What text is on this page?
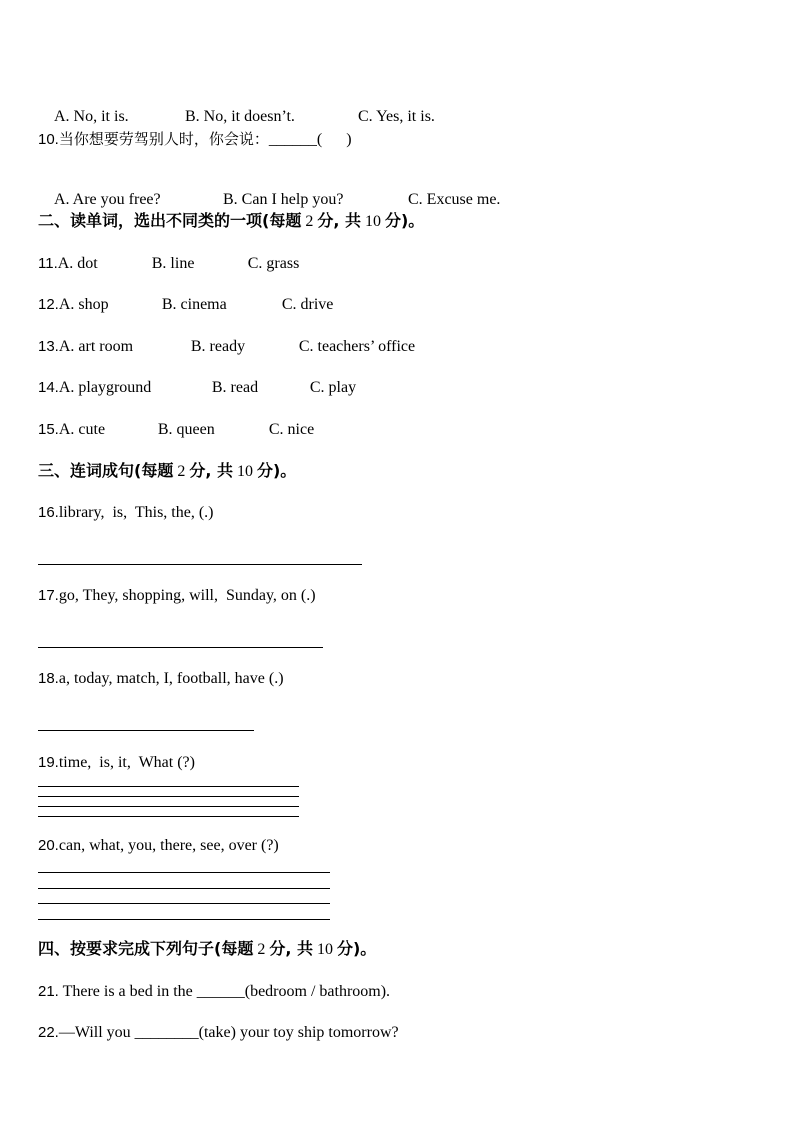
A. No, it is.	B. No, it doesn’t.	C. Yes, it is.

10.当你想要劳驾别人时，你会说：______(      )

A. Are you free?	B. Can I help you?	C. Excuse me.

二、读单词，选出不同类的一项(每题 2 分, 共 10 分)。
11.A. dot	B. line	C. grass
12.A. shop	B. cinema	C. drive
13.A. art room	B. ready	C. teachers’ office
14.A. playground	B. read	C. play
15.A. cute	B. queen	C. nice
三、连词成句(每题 2 分, 共 10 分)。
16.library,  is,  This, the, (.)
17.go, They, shopping, will,  Sunday, on (.)
18.a, today, match, I, football, have (.)
19.time,  is, it,  What (?)
20.can, what, you, there, see, over (?)
四、按要求完成下列句子(每题 2 分, 共 10 分)。
21. There is a bed in the ______(bedroom / bathroom).
22.—Will you ________(take) your toy ship tomorrow?
